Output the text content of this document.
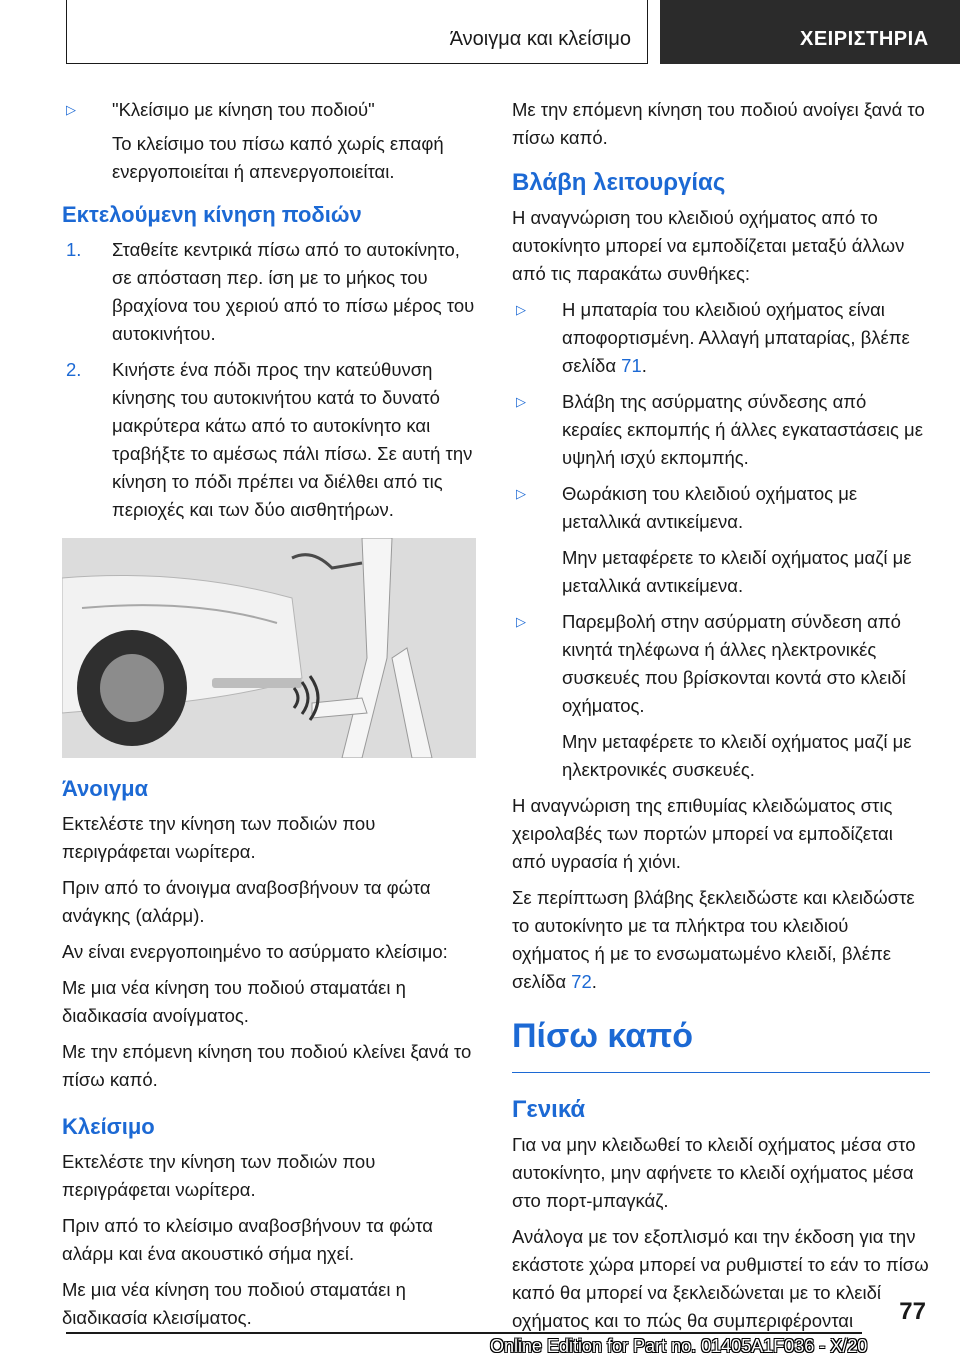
Άνοιγμα και κλείσιμο	ΧΕΙΡΙΣΤΗΡΙΑ
▷ "Κλείσιμο με κίνηση του ποδιού"
Το κλείσιμο του πίσω καπό χωρίς επαφή ενεργοποιείται ή απενεργοποιείται.
Εκτελούμενη κίνηση ποδιών
1. Σταθείτε κεντρικά πίσω από το αυτοκίνητο, σε απόσταση περ. ίση με το μήκος του βραχίονα του χεριού από το πίσω μέρος του αυτοκινήτου.
2. Κινήστε ένα πόδι προς την κατεύθυνση κίνησης του αυτοκινήτου κατά το δυνατό μακρύτερα κάτω από το αυτοκίνητο και τραβήξτε το αμέσως πάλι πίσω. Σε αυτή την κίνηση το πόδι πρέπει να διέλθει από τις περιοχές και των δύο αισθητήρων.
Άνοιγμα

Εκτελέστε την κίνηση των ποδιών που περιγράφεται νωρίτερα.

Πριν από το άνοιγμα αναβοσβήνουν τα φώτα ανάγκης (αλάρμ).

Αν είναι ενεργοποιημένο το ασύρματο κλείσιμο:

Με μια νέα κίνηση του ποδιού σταματάει η διαδικασία ανοίγματος.

Με την επόμενη κίνηση του ποδιού κλείνει ξανά το πίσω καπό.

Κλείσιμο

Εκτελέστε την κίνηση των ποδιών που περιγράφεται νωρίτερα.

Πριν από το κλείσιμο αναβοσβήνουν τα φώτα αλάρμ και ένα ακουστικό σήμα ηχεί.

Με μια νέα κίνηση του ποδιού σταματάει η διαδικασία κλεισίματος.

Με την επόμενη κίνηση του ποδιού ανοίγει ξανά το πίσω καπό.

Βλάβη λειτουργίας

Η αναγνώριση του κλειδιού οχήματος από το αυτοκίνητο μπορεί να εμποδίζεται μεταξύ άλλων από τις παρακάτω συνθήκες:

▷ Η μπαταρία του κλειδιού οχήματος είναι αποφορτισμένη. Αλλαγή μπαταρίας, βλέπε σελίδα 71.
▷ Βλάβη της ασύρματης σύνδεσης από κεραίες εκπομπής ή άλλες εγκαταστάσεις με υψηλή ισχύ εκπομπής.
▷ Θωράκιση του κλειδιού οχήματος με μεταλλικά αντικείμενα.
Μην μεταφέρετε το κλειδί οχήματος μαζί με μεταλλικά αντικείμενα.
▷ Παρεμβολή στην ασύρματη σύνδεση από κινητά τηλέφωνα ή άλλες ηλεκτρονικές συσκευές που βρίσκονται κοντά στο κλειδί οχήματος.
Μην μεταφέρετε το κλειδί οχήματος μαζί με ηλεκτρονικές συσκευές.

Η αναγνώριση της επιθυμίας κλειδώματος στις χειρολαβές των πορτών μπορεί να εμποδίζεται από υγρασία ή χιόνι.

Σε περίπτωση βλάβης ξεκλειδώστε και κλειδώστε το αυτοκίνητο με τα πλήκτρα του κλειδιού οχήματος ή με το ενσωματωμένο κλειδί, βλέπε σελίδα 72.

Πίσω καπό
Γενικά

Για να μην κλειδωθεί το κλειδί οχήματος μέσα στο αυτοκίνητο, μην αφήνετε το κλειδί οχήματος μέσα στο πορτ-μπαγκάζ.

Ανάλογα με τον εξοπλισμό και την έκδοση για την εκάστοτε χώρα μπορεί να ρυθμιστεί το εάν το πίσω καπό θα μπορεί να ξεκλειδώνεται με το κλειδί οχήματος και το πώς θα συμπεριφέρονται	77
Online Edition for Part no. 01405A1F036 - X/20
